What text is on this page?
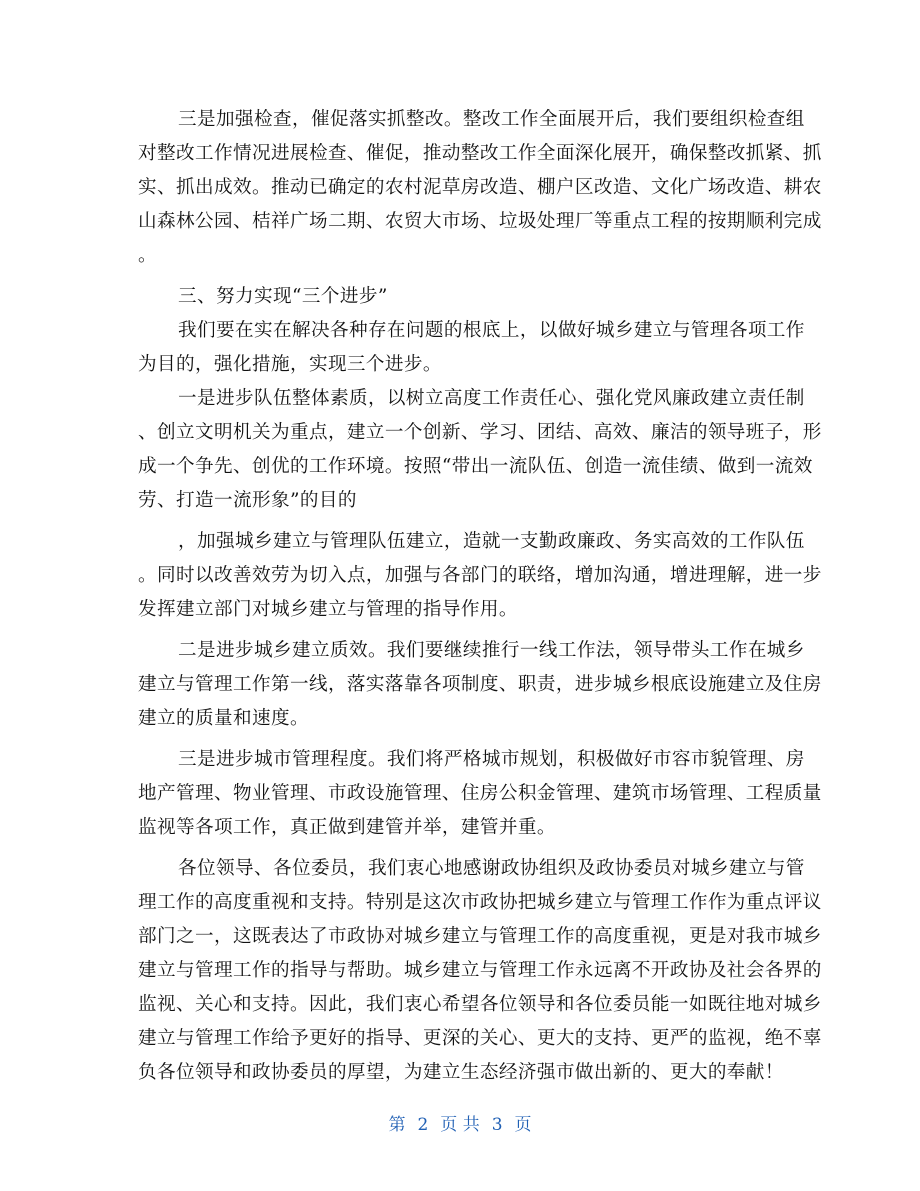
三是加强检查，催促落实抓整改。整改工作全面展开后，我们要组织检查组
对整改工作情况进展检查、催促，推动整改工作全面深化展开，确保整改抓紧、抓
实、抓出成效。推动已确定的农村泥草房改造、棚户区改造、文化广场改造、耕农
山森林公园、桔祥广场二期、农贸大市场、垃圾处理厂等重点工程的按期顺利完成
。
三、努力实现“三个进步”
我们要在实在解决各种存在问题的根底上，以做好城乡建立与管理各项工作
为目的，强化措施，实现三个进步。
一是进步队伍整体素质，以树立高度工作责任心、强化党风廉政建立责任制
、创立文明机关为重点，建立一个创新、学习、团结、高效、廉洁的领导班子，形
成一个争先、创优的工作环境。按照“带出一流队伍、创造一流佳绩、做到一流效
劳、打造一流形象”的目的
，加强城乡建立与管理队伍建立，造就一支勤政廉政、务实高效的工作队伍
。同时以改善效劳为切入点，加强与各部门的联络，增加沟通，增进理解，进一步
发挥建立部门对城乡建立与管理的指导作用。
二是进步城乡建立质效。我们要继续推行一线工作法，领导带头工作在城乡
建立与管理工作第一线，落实落靠各项制度、职责，进步城乡根底设施建立及住房
建立的质量和速度。
三是进步城市管理程度。我们将严格城市规划，积极做好市容市貌管理、房
地产管理、物业管理、市政设施管理、住房公积金管理、建筑市场管理、工程质量
监视等各项工作，真正做到建管并举，建管并重。
各位领导、各位委员，我们衷心地感谢政协组织及政协委员对城乡建立与管
理工作的高度重视和支持。特别是这次市政协把城乡建立与管理工作作为重点评议
部门之一，这既表达了市政协对城乡建立与管理工作的高度重视，更是对我市城乡
建立与管理工作的指导与帮助。城乡建立与管理工作永远离不开政协及社会各界的
监视、关心和支持。因此，我们衷心希望各位领导和各位委员能一如既往地对城乡
建立与管理工作给予更好的指导、更深的关心、更大的支持、更严的监视，绝不辜
负各位领导和政协委员的厚望，为建立生态经济强市做出新的、更大的奉献！
第 2 页 共 3 页
